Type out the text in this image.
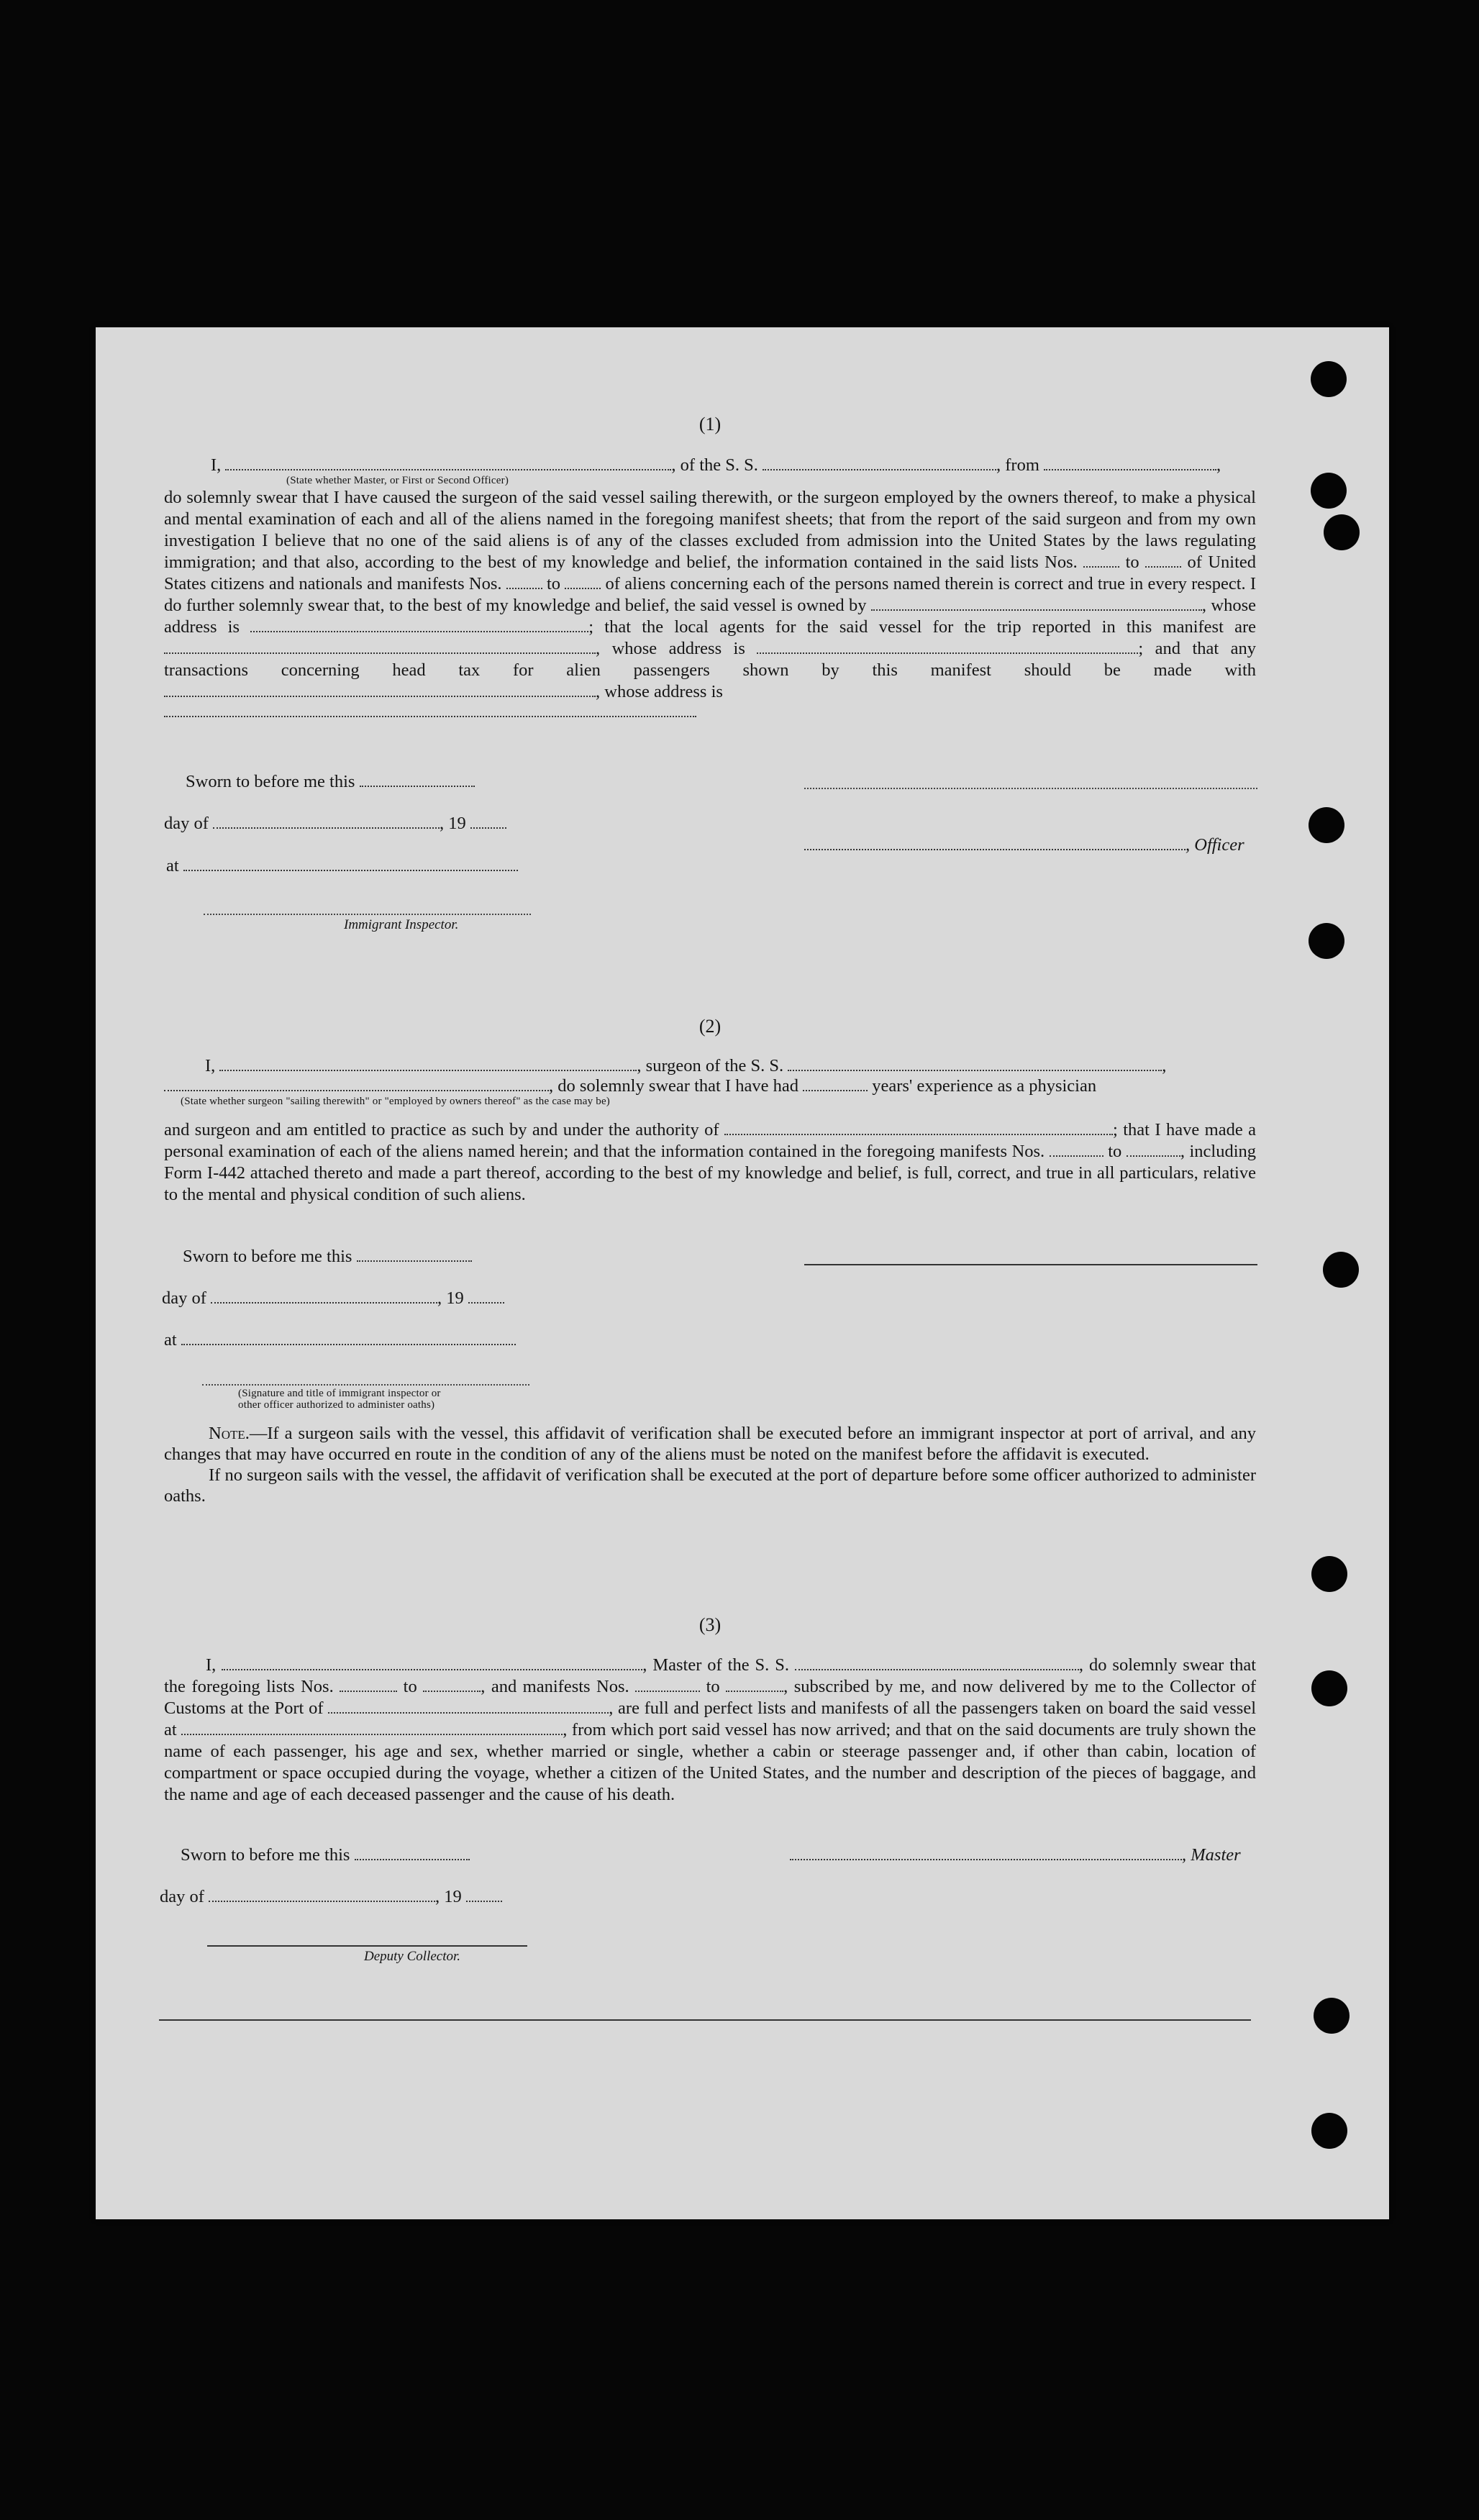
(1)

I,	, of the S. S.	, from	,
(State whether Master, or First or Second Officer)

do solemnly swear that I have caused the surgeon of the said vessel sailing therewith, or the surgeon employed by the owners thereof, to make a physical and mental examination of each and all of the aliens named in the foregoing manifest sheets; that from the report of the said surgeon and from my own investigation I believe that no one of the said aliens is of any of the classes excluded from admission into the United States by the laws regulating immigration; and that also, according to the best of my knowledge and belief, the information contained in the said lists Nos.	to	of United States citizens and nationals and manifests Nos.	to	of aliens concerning each of the persons named therein is correct and true in every respect. I do further solemnly swear that, to the best of my knowledge and belief, the said vessel is owned by	, whose address is	; that the local agents for the said vessel for the trip reported in this manifest are , whose address is	; and that any transactions concerning head tax for alien passengers shown by this manifest should be made with , whose address is

Sworn to before me this
day of	, 19
, Officer
at
Immigrant Inspector.

(2)

I,	, surgeon of the S. S.	,
, do solemnly swear that I have had	years' experience as a physician
(State whether surgeon "sailing therewith" or "employed by owners thereof" as the case may be)

and surgeon and am entitled to practice as such by and under the authority of	; that I have made a personal examination of each of the aliens named herein; and that the information contained in the foregoing manifests Nos.	to	, including Form I-442 attached thereto and made a part thereof, according to the best of my knowledge and belief, is full, correct, and true in all particulars, relative to the mental and physical condition of such aliens.

Sworn to before me this
day of	, 19
at
(Signature and title of immigrant inspector or
other officer authorized to administer oaths)

Note.—If a surgeon sails with the vessel, this affidavit of verification shall be executed before an immigrant inspector at port of arrival, and any changes that may have occurred en route in the condition of any of the aliens must be noted on the manifest before the affidavit is executed.

If no surgeon sails with the vessel, the affidavit of verification shall be executed at the port of departure before some officer authorized to administer oaths.

(3)

I,	, Master of the S. S.	, do solemnly swear that the foregoing lists Nos.	to	, and manifests Nos.	to	, subscribed by me, and now delivered by me to the Collector of Customs at the Port of	, are full and perfect lists and manifests of all the passengers taken on board the said vessel at	, from which port said vessel has now arrived; and that on the said documents are truly shown the name of each passenger, his age and sex, whether married or single, whether a cabin or steerage passenger and, if other than cabin, location of compartment or space occupied during the voyage, whether a citizen of the United States, and the number and description of the pieces of baggage, and the name and age of each deceased passenger and the cause of his death.

Sworn to before me this	, Master
day of	, 19
Deputy Collector.
